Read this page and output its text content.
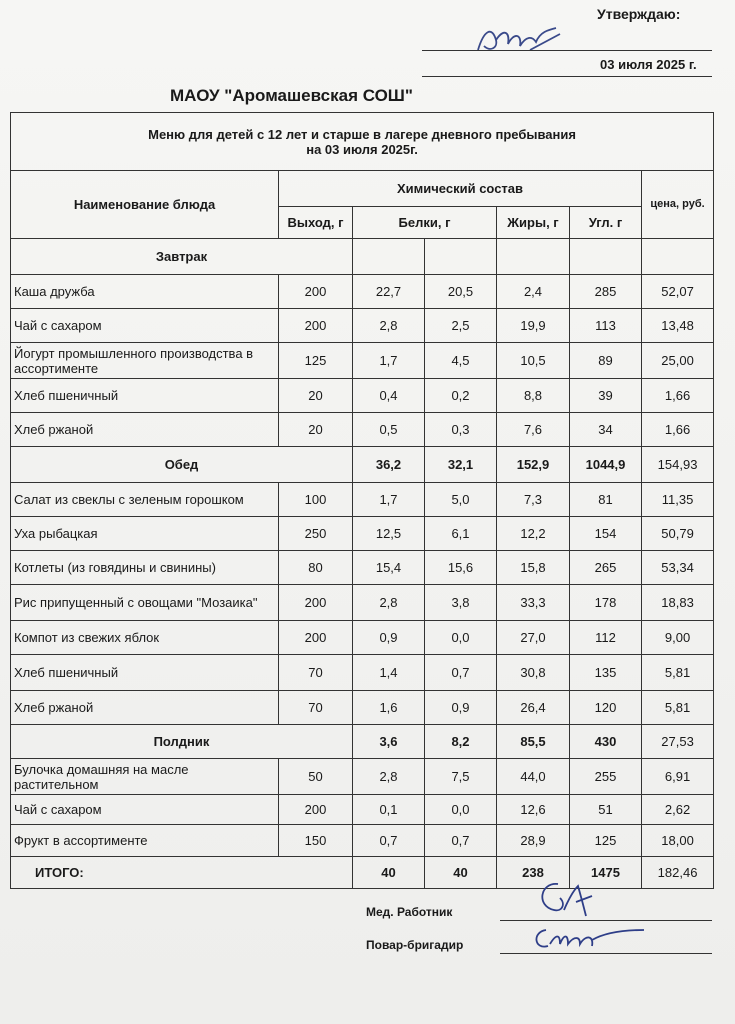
Утверждаю:
03 июля 2025 г.
МАОУ "Аромашевская СОШ"
Меню для детей с 12 лет и старше в лагере дневного пребывания
на 03 июля 2025г.							

Наименование блюда	Химический состав					цена, руб.	
	Выход, г	Белки, г		Жиры, г	Угл. г	
Завтрак							
Каша дружба	200	22,7	20,5	2,4	285	52,07	
Чай с сахаром	200	2,8	2,5	19,9	113	13,48	
Йогурт промышленного производства в ассортименте	125	1,7	4,5	10,5	89	25,00	
Хлеб пшеничный	20	0,4	0,2	8,8	39	1,66	
Хлеб ржаной	20	0,5	0,3	7,6	34	1,66	
Обед		36,2	32,1	152,9	1044,9	154,93	
Салат из свеклы с зеленым горошком	100	1,7	5,0	7,3	81	11,35	
Уха рыбацкая	250	12,5	6,1	12,2	154	50,79	
Котлеты (из говядины и свинины)	80	15,4	15,6	15,8	265	53,34	
Рис припущенный с овощами "Мозаика"	200	2,8	3,8	33,3	178	18,83	
Компот из свежих яблок	200	0,9	0,0	27,0	112	9,00	
Хлеб пшеничный	70	1,4	0,7	30,8	135	5,81	
Хлеб ржаной	70	1,6	0,9	26,4	120	5,81	
Полдник		3,6	8,2	85,5	430	27,53	
Булочка домашняя на масле растительном	50	2,8	7,5	44,0	255	6,91	
Чай с сахаром	200	0,1	0,0	12,6	51	2,62	
Фрукт в ассортименте	150	0,7	0,7	28,9	125	18,00	
ИТОГО:		40	40	238	1475	182,46	
Мед. Работник
Повар-бригадир
